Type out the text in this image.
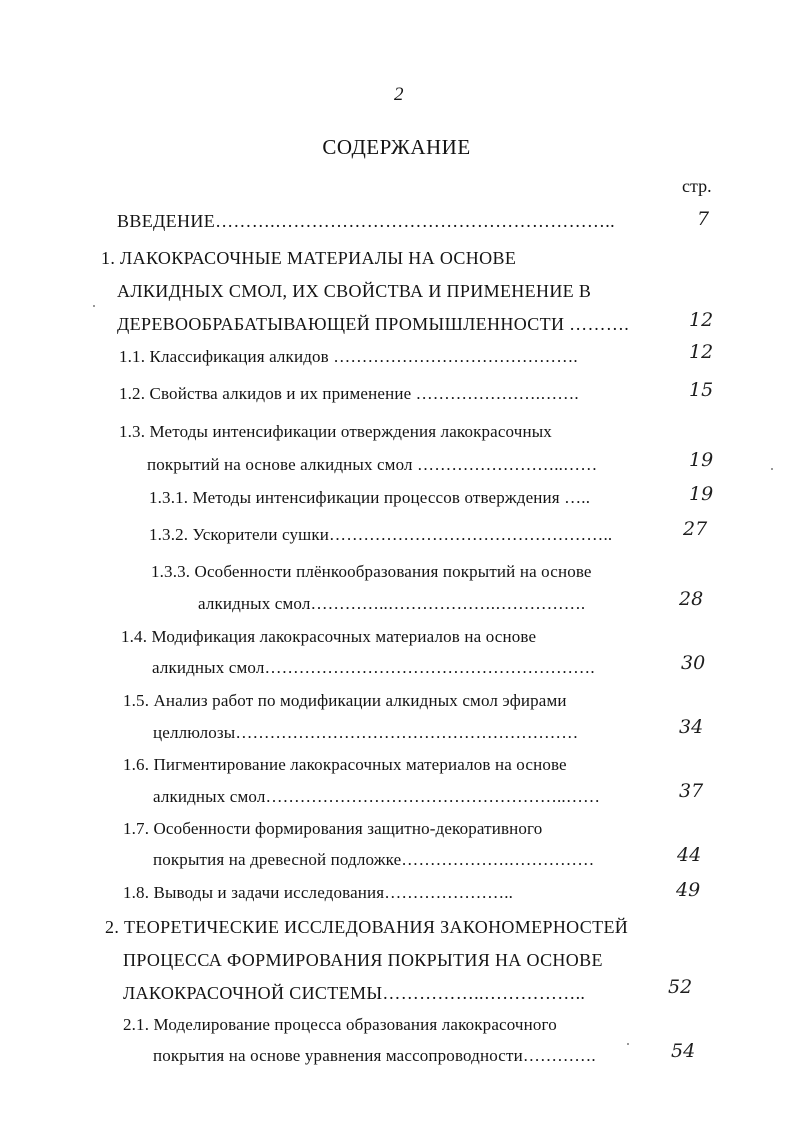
2
СОДЕРЖАНИЕ
стр.
ВВЕДЕНИЕ……….………………………………………………..	7
1. ЛАКОКРАСОЧНЫЕ МАТЕРИАЛЫ НА ОСНОВЕ
АЛКИДНЫХ СМОЛ, ИХ СВОЙСТВА И ПРИМЕНЕНИЕ В
ДЕРЕВООБРАБАТЫВАЮЩЕЙ ПРОМЫШЛЕННОСТИ ……….	12
1.1. Классификация алкидов …………………………………….	12
1.2. Свойства алкидов и их применение ………………….…….	15
1.3. Методы интенсификации отверждения лакокрасочных
покрытий на основе алкидных смол ……………………..……	19
1.3.1. Методы интенсификации процессов отверждения …..	19
1.3.2. Ускорители сушки…………………………………………..	27
1.3.3. Особенности плёнкообразования покрытий на основе
алкидных смол…………..……………….…………….	28
1.4. Модификация лакокрасочных материалов на основе
алкидных смол………………………………………………….	30
1.5. Анализ работ по модификации алкидных смол эфирами
целлюлозы……………………………………………………	34
1.6. Пигментирование лакокрасочных материалов на основе
алкидных смол……………………………………………..……	37
1.7. Особенности формирования защитно-декоративного
покрытия на древесной подложке……………….……………	44
1.8. Выводы и задачи исследования…………………..	49
2. ТЕОРЕТИЧЕСКИЕ ИССЛЕДОВАНИЯ ЗАКОНОМЕРНОСТЕЙ
ПРОЦЕССА ФОРМИРОВАНИЯ ПОКРЫТИЯ НА ОСНОВЕ
ЛАКОКРАСОЧНОЙ СИСТЕМЫ……………..……………..	52
2.1. Моделирование процесса образования лакокрасочного
покрытия на основе уравнения массопроводности………….	54
